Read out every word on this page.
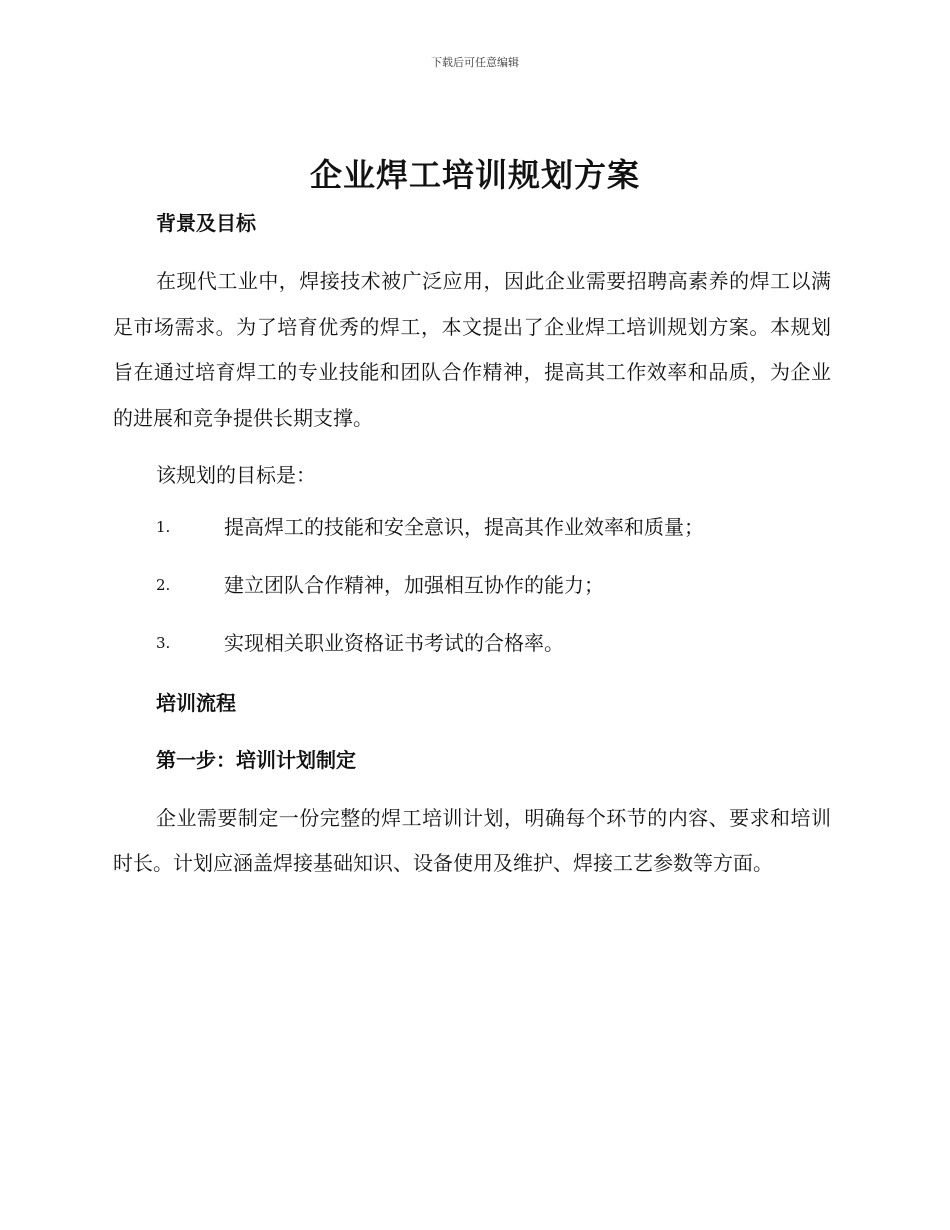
下载后可任意编辑
企业焊工培训规划方案
背景及目标

在现代工业中，焊接技术被广泛应用，因此企业需要招聘高素养的焊工以满足市场需求。为了培育优秀的焊工，本文提出了企业焊工培训规划方案。本规划旨在通过培育焊工的专业技能和团队合作精神，提高其工作效率和品质，为企业的进展和竞争提供长期支撑。

该规划的目标是：

1.	提高焊工的技能和安全意识，提高其作业效率和质量；
2.	建立团队合作精神，加强相互协作的能力；
3.	实现相关职业资格证书考试的合格率。
培训流程
第一步：培训计划制定

企业需要制定一份完整的焊工培训计划，明确每个环节的内容、要求和培训时长。计划应涵盖焊接基础知识、设备使用及维护、焊接工艺参数等方面。
